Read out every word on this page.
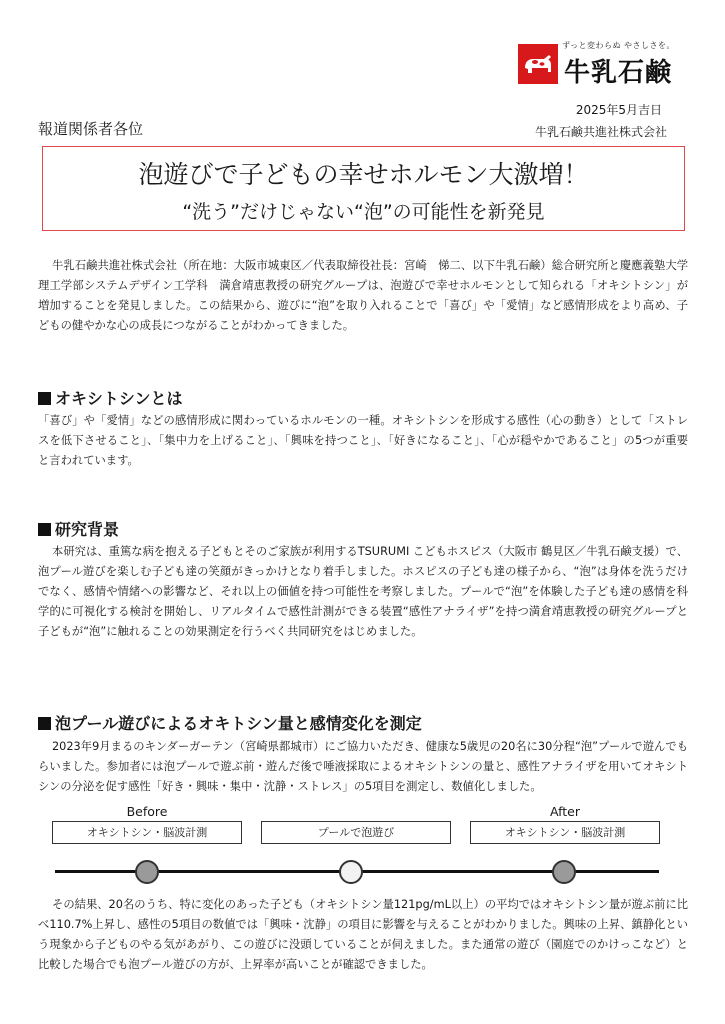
ずっと変わらぬ やさしさを。
牛乳石鹸
2025年5月吉日
牛乳石鹸共進社株式会社
報道関係者各位
泡遊びで子どもの幸せホルモン大激増！
“洗う”だけじゃない“泡”の可能性を新発見
牛乳石鹸共進社株式会社（所在地：大阪市城東区／代表取締役社長：宮崎　悌二、以下牛乳石鹸）総合研究所と慶應義塾大学　理工学部システムデザイン工学科　満倉靖恵教授の研究グループは、泡遊びで幸せホルモンとして知られる「オキシトシン」が増加することを発見しました。この結果から、遊びに“泡”を取り入れることで「喜び」や「愛情」など感情形成をより高め、子どもの健やかな心の成長につながることがわかってきました。
オキシトシンとは
「喜び」や「愛情」などの感情形成に関わっているホルモンの一種。オキシトシンを形成する感性（心の動き）として「ストレスを低下させること」、「集中力を上げること」、「興味を持つこと」、「好きになること」、「心が穏やかであること」の5つが重要と言われています。
研究背景
本研究は、重篤な病を抱える子どもとそのご家族が利用するTSURUMI こどもホスピス（大阪市 鶴見区／牛乳石鹸支援）で、泡プール遊びを楽しむ子ども達の笑顔がきっかけとなり着手しました。ホスピスの子ども達の様子から、“泡”は身体を洗うだけでなく、感情や情緒への影響など、それ以上の価値を持つ可能性を考察しました。プールで“泡”を体験した子ども達の感情を科学的に可視化する検討を開始し、リアルタイムで感性計測ができる装置“感性アナライザ”を持つ満倉靖恵教授の研究グループと子どもが“泡”に触れることの効果測定を行うべく共同研究をはじめました。
泡プール遊びによるオキトシン量と感情変化を測定
2023年9月まるのキンダーガーテン（宮崎県都城市）にご協力いただき、健康な5歳児の20名に30分程“泡”プールで遊んでもらいました。参加者には泡プールで遊ぶ前・遊んだ後で唾液採取によるオキシトシンの量と、感性アナライザを用いてオキシトシンの分泌を促す感性「好き・興味・集中・沈静・ストレス」の5項目を測定し、数値化しました。
Before	After
オキシトシン・脳波計測	プールで泡遊び	オキシトシン・脳波計測
その結果、20名のうち、特に変化のあった子ども（オキシトシン量121pg/mL以上）の平均ではオキシトシン量が遊ぶ前に比べ110.7%上昇し、感性の5項目の数値では「興味・沈静」の項目に影響を与えることがわかりました。興味の上昇、鎮静化という現象から子どものやる気があがり、この遊びに没頭していることが伺えました。また通常の遊び（園庭でのかけっこなど）と比較した場合でも泡プール遊びの方が、上昇率が高いことが確認できました。
